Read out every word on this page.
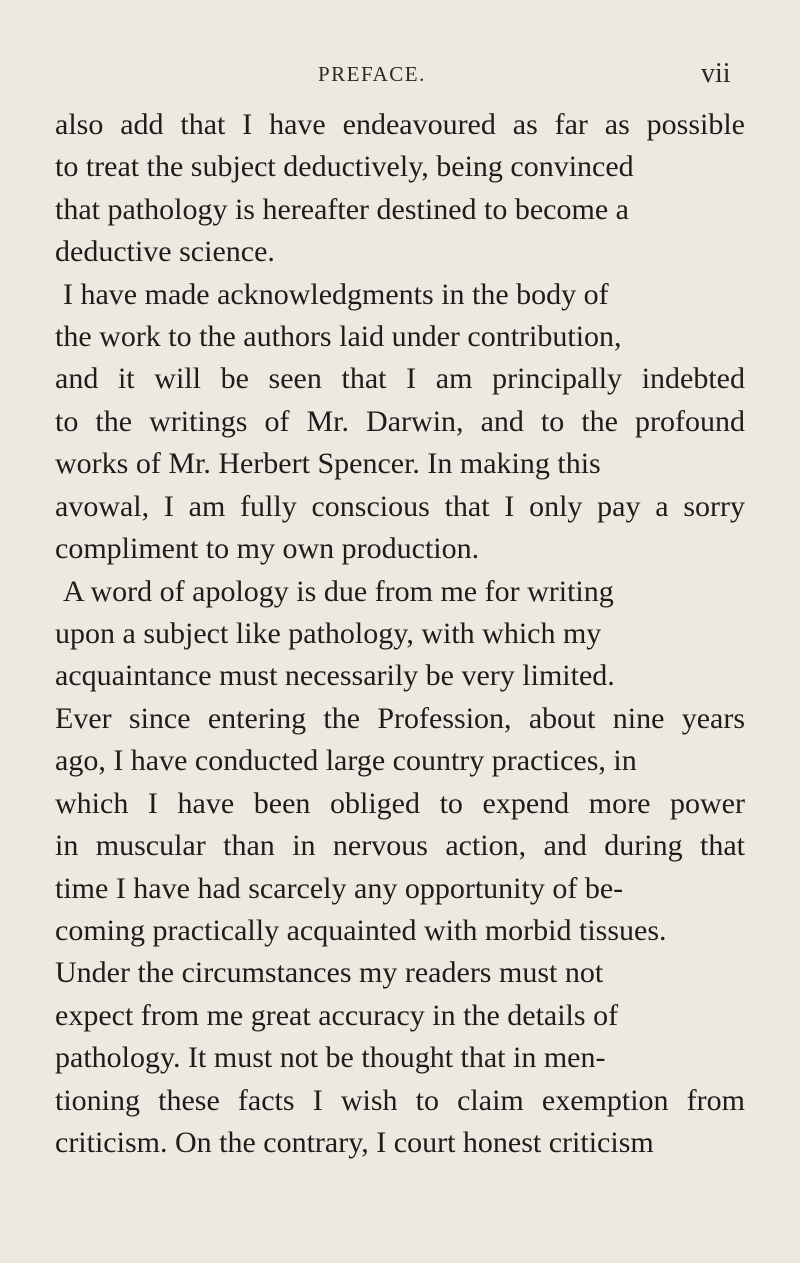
PREFACE.	vii
also add that I have endeavoured as far as possible
to treat the subject deductively, being convinced
that pathology is hereafter destined to become a
deductive science.
I have made acknowledgments in the body of
the work to the authors laid under contribution,
and it will be seen that I am principally indebted
to the writings of Mr. Darwin, and to the profound
works of Mr. Herbert Spencer. In making this
avowal, I am fully conscious that I only pay a sorry
compliment to my own production.
A word of apology is due from me for writing
upon a subject like pathology, with which my
acquaintance must necessarily be very limited.
Ever since entering the Profession, about nine years
ago, I have conducted large country practices, in
which I have been obliged to expend more power
in muscular than in nervous action, and during that
time I have had scarcely any opportunity of be-
coming practically acquainted with morbid tissues.
Under the circumstances my readers must not
expect from me great accuracy in the details of
pathology. It must not be thought that in men-
tioning these facts I wish to claim exemption from
criticism. On the contrary, I court honest criticism
